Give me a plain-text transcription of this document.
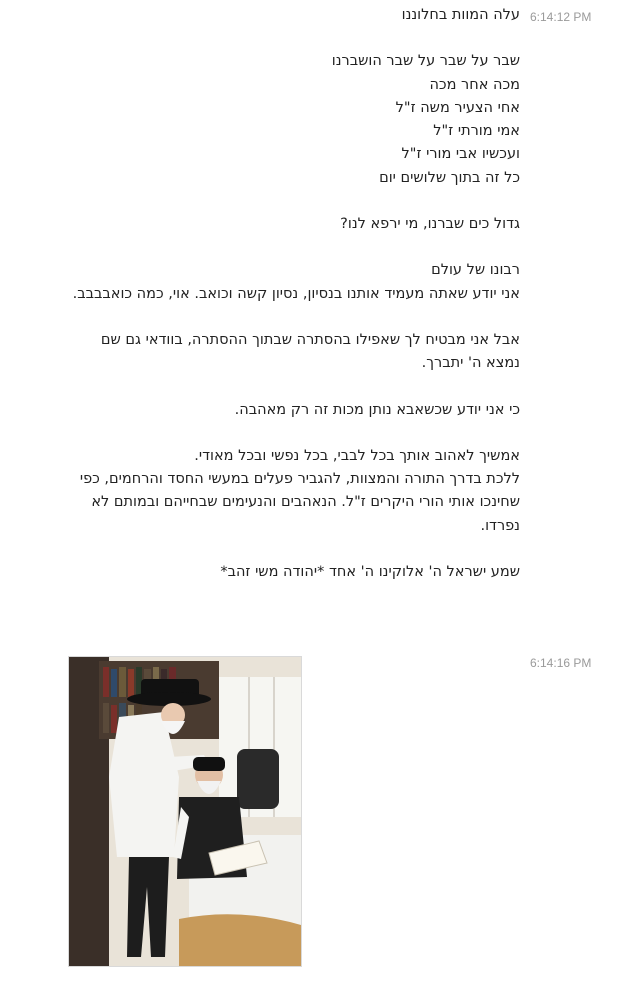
6:14:12 PM

עלה המוות בחלוננו

שבר על שבר על שבר הושברנו

מכה אחר מכה

אחי הצעיר משה ז"ל

אמי מורתי ז"ל

ועכשיו אבי מורי ז"ל

כל זה בתוך שלושים יום

גדול כים שברנו, מי ירפא לנו?

רבונו של עולם

אני יודע שאתה מעמיד אותנו בנסיון, נסיון קשה וכואב. אוי, כמה כואבבבב.

אבל אני מבטיח לך שאפילו בהסתרה שבתוך ההסתרה, בוודאי גם שם

נמצא ה' יתברך.

כי אני יודע שכשאבא נותן מכות זה רק מאהבה.

אמשיך לאהוב אותך בכל לבבי, בכל נפשי ובכל מאודי.

ללכת בדרך התורה והמצוות, להגביר פעלים במעשי החסד והרחמים, כפי שחינכו אותי הורי היקרים ז"ל. הנאהבים והנעימים שבחייהם ובמותם לא נפרדו.

שמע ישראל ה' אלוקינו ה' אחד *יהודה משי זהב*

6:14:16 PM
